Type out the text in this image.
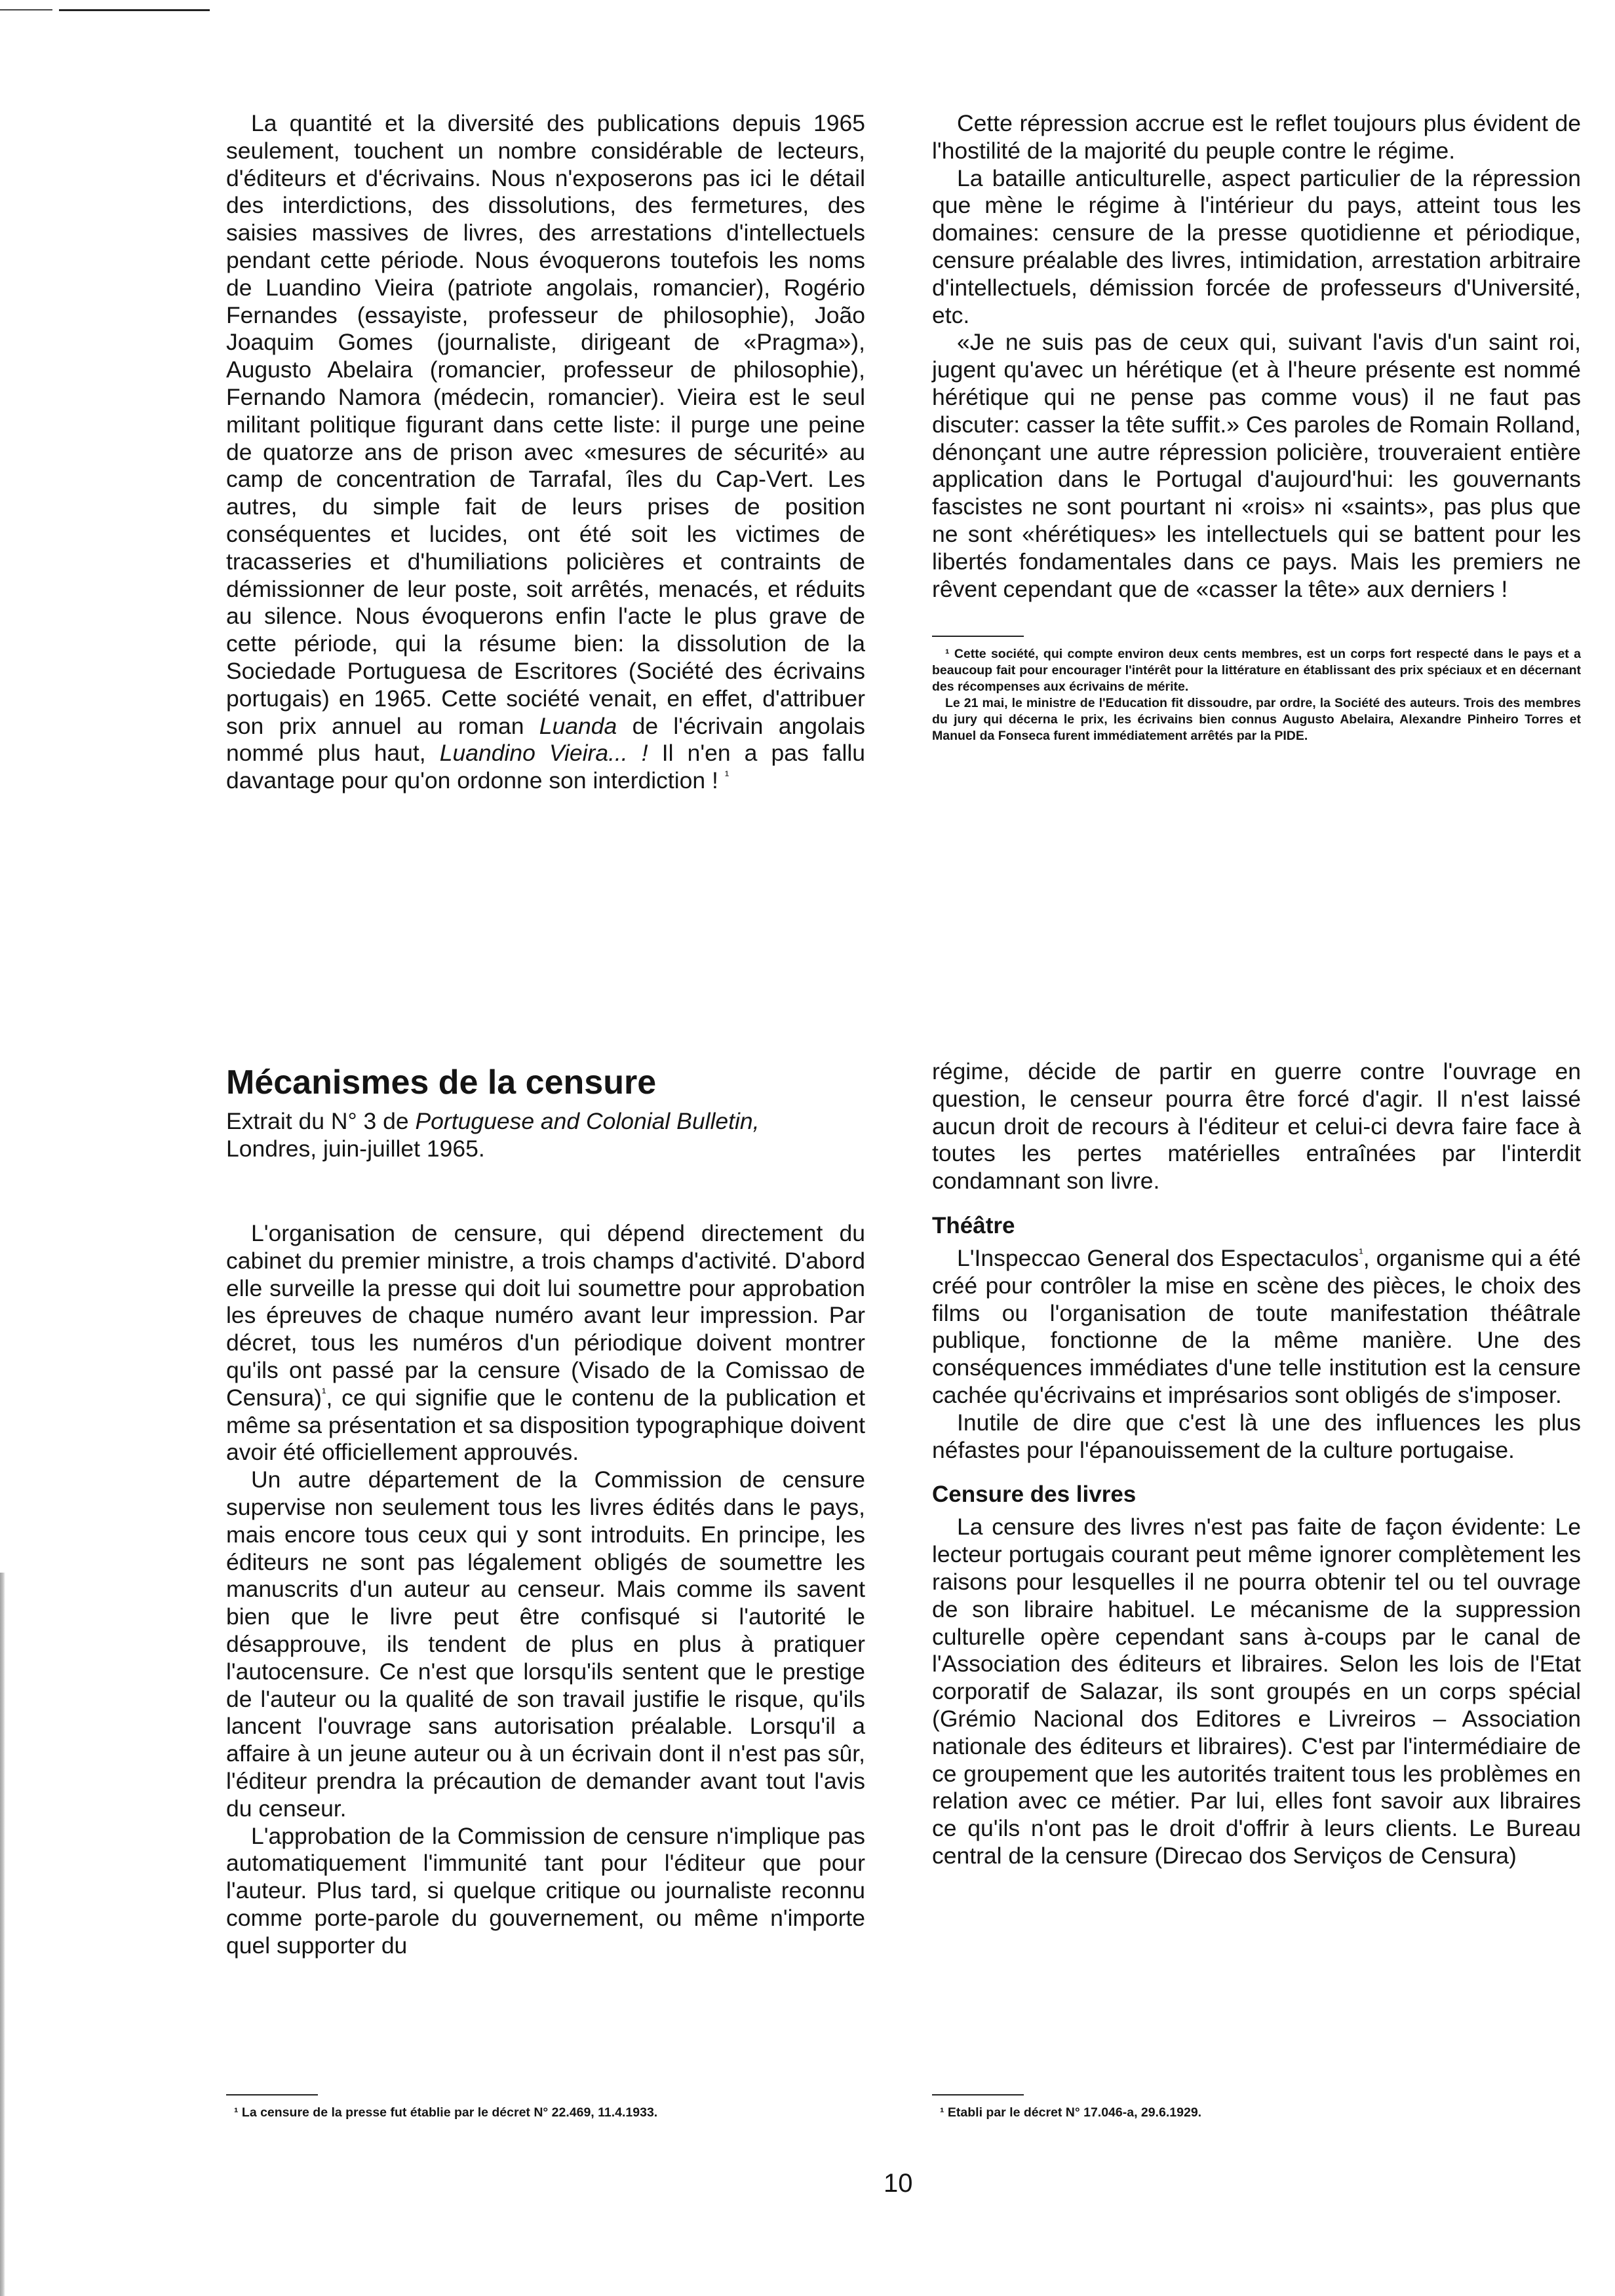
La quantité et la diversité des publications depuis 1965 seulement, touchent un nombre considérable de lecteurs, d'éditeurs et d'écrivains. Nous n'exposerons pas ici le détail des interdictions, des dissolutions, des fermetures, des saisies massives de livres, des arrestations d'intellectuels pendant cette période. Nous évoquerons toutefois les noms de Luandino Vieira (patriote angolais, romancier), Rogério Fernandes (essayiste, professeur de philosophie), João Joaquim Gomes (journaliste, dirigeant de «Pragma»), Augusto Abelaira (romancier, professeur de philosophie), Fernando Namora (médecin, romancier). Vieira est le seul militant politique figurant dans cette liste: il purge une peine de quatorze ans de prison avec «mesures de sécurité» au camp de concentration de Tarrafal, îles du Cap-Vert. Les autres, du simple fait de leurs prises de position conséquentes et lucides, ont été soit les victimes de tracasseries et d'humiliations policières et contraints de démissionner de leur poste, soit arrêtés, menacés, et réduits au silence. Nous évoquerons enfin l'acte le plus grave de cette période, qui la résume bien: la dissolution de la Sociedade Portuguesa de Escritores (Société des écrivains portugais) en 1965. Cette société venait, en effet, d'attribuer son prix annuel au roman Luanda de l'écrivain angolais nommé plus haut, Luandino Vieira... ! Il n'en a pas fallu davantage pour qu'on ordonne son interdiction ! $^{^1}$

Cette répression accrue est le reflet toujours plus évident de l'hostilité de la majorité du peuple contre le régime.

La bataille anticulturelle, aspect particulier de la répression que mène le régime à l'intérieur du pays, atteint tous les domaines: censure de la presse quotidienne et périodique, censure préalable des livres, intimidation, arrestation arbitraire d'intellectuels, démission forcée de professeurs d'Université, etc.

«Je ne suis pas de ceux qui, suivant l'avis d'un saint roi, jugent qu'avec un hérétique (et à l'heure présente est nommé hérétique qui ne pense pas comme vous) il ne faut pas discuter: casser la tête suffit.» Ces paroles de Romain Rolland, dénonçant une autre répression policière, trouveraient entière application dans le Portugal d'aujourd'hui: les gouvernants fascistes ne sont pourtant ni «rois» ni «saints», pas plus que ne sont «hérétiques» les intellectuels qui se battent pour les libertés fondamentales dans ce pays. Mais les premiers ne rêvent cependant que de «casser la tête» aux derniers !

¹ Cette société, qui compte environ deux cents membres, est un corps fort respecté dans le pays et a beaucoup fait pour encourager l'intérêt pour la littérature en établissant des prix spéciaux et en décernant des récompenses aux écrivains de mérite.

Le 21 mai, le ministre de l'Education fit dissoudre, par ordre, la Société des auteurs. Trois des membres du jury qui décerna le prix, les écrivains bien connus Augusto Abelaira, Alexandre Pinheiro Torres et Manuel da Fonseca furent immédiatement arrêtés par la PIDE.

Mécanismes de la censure

Extrait du N° 3 de Portuguese and Colonial Bulletin,
Londres, juin-juillet 1965.

L'organisation de censure, qui dépend directement du cabinet du premier ministre, a trois champs d'activité. D'abord elle surveille la presse qui doit lui soumettre pour approbation les épreuves de chaque numéro avant leur impression. Par décret, tous les numéros d'un périodique doivent montrer qu'ils ont passé par la censure (Visado de la Comissao de Censura)$^{^1}$, ce qui signifie que le contenu de la publication et même sa présentation et sa disposition typographique doivent avoir été officiellement approuvés.

Un autre département de la Commission de censure supervise non seulement tous les livres édités dans le pays, mais encore tous ceux qui y sont introduits. En principe, les éditeurs ne sont pas légalement obligés de soumettre les manuscrits d'un auteur au censeur. Mais comme ils savent bien que le livre peut être confisqué si l'autorité le désapprouve, ils tendent de plus en plus à pratiquer l'autocensure. Ce n'est que lorsqu'ils sentent que le prestige de l'auteur ou la qualité de son travail justifie le risque, qu'ils lancent l'ouvrage sans autorisation préalable. Lorsqu'il a affaire à un jeune auteur ou à un écrivain dont il n'est pas sûr, l'éditeur prendra la précaution de demander avant tout l'avis du censeur.

L'approbation de la Commission de censure n'implique pas automatiquement l'immunité tant pour l'éditeur que pour l'auteur. Plus tard, si quelque critique ou journaliste reconnu comme porte-parole du gouvernement, ou même n'importe quel supporter du

¹ La censure de la presse fut établie par le décret N° 22.469, 11.4.1933.

régime, décide de partir en guerre contre l'ouvrage en question, le censeur pourra être forcé d'agir. Il n'est laissé aucun droit de recours à l'éditeur et celui-ci devra faire face à toutes les pertes matérielles entraînées par l'interdit condamnant son livre.

Théâtre

L'Inspeccao General dos Espectaculos$^{^1}$, organisme qui a été créé pour contrôler la mise en scène des pièces, le choix des films ou l'organisation de toute manifestation théâtrale publique, fonctionne de la même manière. Une des conséquences immédiates d'une telle institution est la censure cachée qu'écrivains et imprésarios sont obligés de s'imposer.

Inutile de dire que c'est là une des influences les plus néfastes pour l'épanouissement de la culture portugaise.

Censure des livres

La censure des livres n'est pas faite de façon évidente: Le lecteur portugais courant peut même ignorer complètement les raisons pour lesquelles il ne pourra obtenir tel ou tel ouvrage de son libraire habituel. Le mécanisme de la suppression culturelle opère cependant sans à-coups par le canal de l'Association des éditeurs et libraires. Selon les lois de l'Etat corporatif de Salazar, ils sont groupés en un corps spécial (Grémio Nacional dos Editores e Livreiros – Association nationale des éditeurs et libraires). C'est par l'intermédiaire de ce groupement que les autorités traitent tous les problèmes en relation avec ce métier. Par lui, elles font savoir aux libraires ce qu'ils n'ont pas le droit d'offrir à leurs clients. Le Bureau central de la censure (Direcao dos Serviços de Censura)

¹ Etabli par le décret N° 17.046-a, 29.6.1929.

10
